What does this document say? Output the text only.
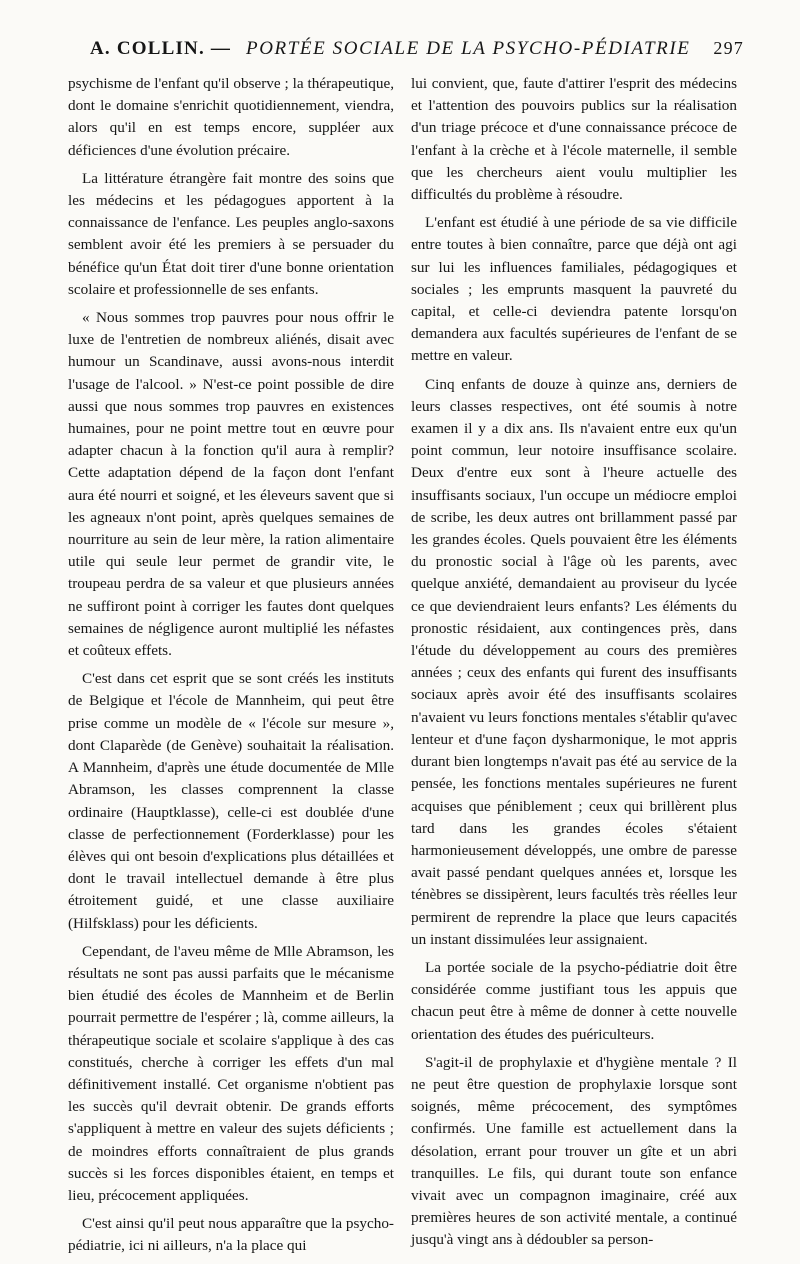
A. COLLIN. — PORTÉE SOCIALE DE LA PSYCHO-PÉDIATRIE 297

psychisme de l'enfant qu'il observe ; la thérapeutique, dont le domaine s'enrichit quotidiennement, viendra, alors qu'il en est temps encore, suppléer aux déficiences d'une évolution précaire.

La littérature étrangère fait montre des soins que les médecins et les pédagogues apportent à la connaissance de l'enfance. Les peuples anglo-saxons semblent avoir été les premiers à se persuader du bénéfice qu'un État doit tirer d'une bonne orientation scolaire et professionnelle de ses enfants.

« Nous sommes trop pauvres pour nous offrir le luxe de l'entretien de nombreux aliénés, disait avec humour un Scandinave, aussi avons-nous interdit l'usage de l'alcool. » N'est-ce point possible de dire aussi que nous sommes trop pauvres en existences humaines, pour ne point mettre tout en œuvre pour adapter chacun à la fonction qu'il aura à remplir? Cette adaptation dépend de la façon dont l'enfant aura été nourri et soigné, et les éleveurs savent que si les agneaux n'ont point, après quelques semaines de nourriture au sein de leur mère, la ration alimentaire utile qui seule leur permet de grandir vite, le troupeau perdra de sa valeur et que plusieurs années ne suffiront point à corriger les fautes dont quelques semaines de négligence auront multiplié les néfastes et coûteux effets.

C'est dans cet esprit que se sont créés les instituts de Belgique et l'école de Mannheim, qui peut être prise comme un modèle de « l'école sur mesure », dont Claparède (de Genève) souhaitait la réalisation. A Mannheim, d'après une étude documentée de Mlle Abramson, les classes comprennent la classe ordinaire (Hauptklasse), celle-ci est doublée d'une classe de perfectionnement (Forderklasse) pour les élèves qui ont besoin d'explications plus détaillées et dont le travail intellectuel demande à être plus étroitement guidé, et une classe auxiliaire (Hilfsklass) pour les déficients.

Cependant, de l'aveu même de Mlle Abramson, les résultats ne sont pas aussi parfaits que le mécanisme bien étudié des écoles de Mannheim et de Berlin pourrait permettre de l'espérer ; là, comme ailleurs, la thérapeutique sociale et scolaire s'applique à des cas constitués, cherche à corriger les effets d'un mal définitivement installé. Cet organisme n'obtient pas les succès qu'il devrait obtenir. De grands efforts s'appliquent à mettre en valeur des sujets déficients ; de moindres efforts connaîtraient de plus grands succès si les forces disponibles étaient, en temps et lieu, précocement appliquées.

C'est ainsi qu'il peut nous apparaître que la psycho-pédiatrie, ici ni ailleurs, n'a la place qui

lui convient, que, faute d'attirer l'esprit des médecins et l'attention des pouvoirs publics sur la réalisation d'un triage précoce et d'une connaissance précoce de l'enfant à la crèche et à l'école maternelle, il semble que les chercheurs aient voulu multiplier les difficultés du problème à résoudre.

L'enfant est étudié à une période de sa vie difficile entre toutes à bien connaître, parce que déjà ont agi sur lui les influences familiales, pédagogiques et sociales ; les emprunts masquent la pauvreté du capital, et celle-ci deviendra patente lorsqu'on demandera aux facultés supérieures de l'enfant de se mettre en valeur.

Cinq enfants de douze à quinze ans, derniers de leurs classes respectives, ont été soumis à notre examen il y a dix ans. Ils n'avaient entre eux qu'un point commun, leur notoire insuffisance scolaire. Deux d'entre eux sont à l'heure actuelle des insuffisants sociaux, l'un occupe un médiocre emploi de scribe, les deux autres ont brillamment passé par les grandes écoles. Quels pouvaient être les éléments du pronostic social à l'âge où les parents, avec quelque anxiété, demandaient au proviseur du lycée ce que deviendraient leurs enfants? Les éléments du pronostic résidaient, aux contingences près, dans l'étude du développement au cours des premières années ; ceux des enfants qui furent des insuffisants sociaux après avoir été des insuffisants scolaires n'avaient vu leurs fonctions mentales s'établir qu'avec lenteur et d'une façon dysharmonique, le mot appris durant bien longtemps n'avait pas été au service de la pensée, les fonctions mentales supérieures ne furent acquises que péniblement ; ceux qui brillèrent plus tard dans les grandes écoles s'étaient harmonieusement développés, une ombre de paresse avait passé pendant quelques années et, lorsque les ténèbres se dissipèrent, leurs facultés très réelles leur permirent de reprendre la place que leurs capacités un instant dissimulées leur assignaient.

La portée sociale de la psycho-pédiatrie doit être considérée comme justifiant tous les appuis que chacun peut être à même de donner à cette nouvelle orientation des études des puériculteurs.

S'agit-il de prophylaxie et d'hygiène mentale ? Il ne peut être question de prophylaxie lorsque sont soignés, même précocement, des symptômes confirmés. Une famille est actuellement dans la désolation, errant pour trouver un gîte et un abri tranquilles. Le fils, qui durant toute son enfance vivait avec un compagnon imaginaire, créé aux premières heures de son activité mentale, a continué jusqu'à vingt ans à dédoubler sa person-
